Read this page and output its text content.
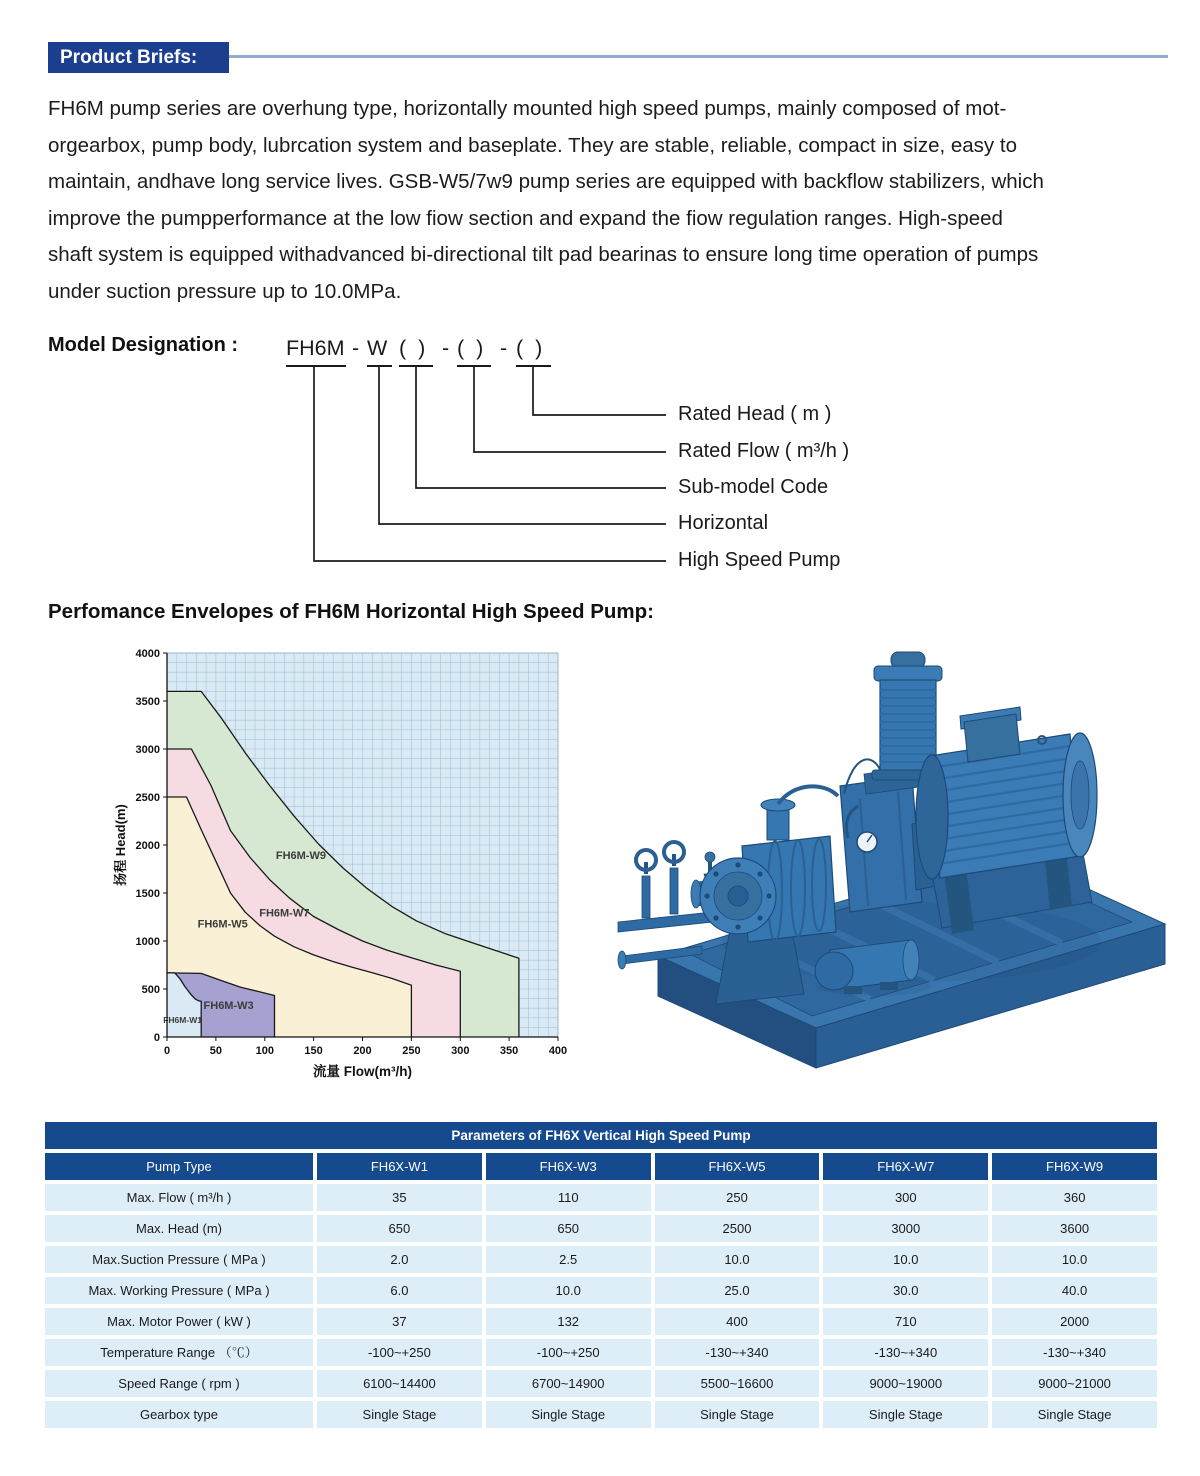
Product Briefs:
FH6M pump series are overhung type, horizontally mounted high speed pumps, mainly composed of mot-
orgearbox, pump body, lubrcation system and baseplate. They are stable, reliable, compact in size, easy to
maintain, andhave long service lives. GSB-W5/7w9 pump series are equipped with backflow stabilizers, which
improve the pumpperformance at the low fiow section and expand the fiow regulation ranges. High-speed
shaft system is equipped withadvanced bi-directional tilt pad bearinas to ensure long time operation of pumps
under suction pressure up to 10.0MPa.
Model Designation : FH6M - W (  ) - (  ) - (  )
Rated Head ( m )
Rated Flow ( m³/h )
Sub-model Code
Horizontal
High Speed Pump
Perfomance Envelopes of FH6M Horizontal High Speed Pump:
FH6M-W9
FH6M-W7
FH6M-W5
FH6M-W3
FH6M-W1
0	50	100	150	200	250	300	350	400
0
500
1000
1500
2000
2500
3000
3500
4000
扬程 Head(m)
流量 Flow(m³/h)
Parameters of FH6X Vertical High Speed Pump
Pump Type	FH6X-W1	FH6X-W3	FH6X-W5	FH6X-W7	FH6X-W9
Max. Flow ( m³/h )	35	110	250	300	360
Max. Head (m)	650	650	2500	3000	3600
Max.Suction Pressure ( MPa )	2.0	2.5	10.0	10.0	10.0
Max. Working Pressure ( MPa )	6.0	10.0	25.0	30.0	40.0
Max. Motor Power ( kW )	37	132	400	710	2000
Temperature Range （℃）	-100~+250	-100~+250	-130~+340	-130~+340	-130~+340
Speed Range ( rpm )	6100~14400	6700~14900	5500~16600	9000~19000	9000~21000
Gearbox type	Single Stage	Single Stage	Single Stage	Single Stage	Single Stage
